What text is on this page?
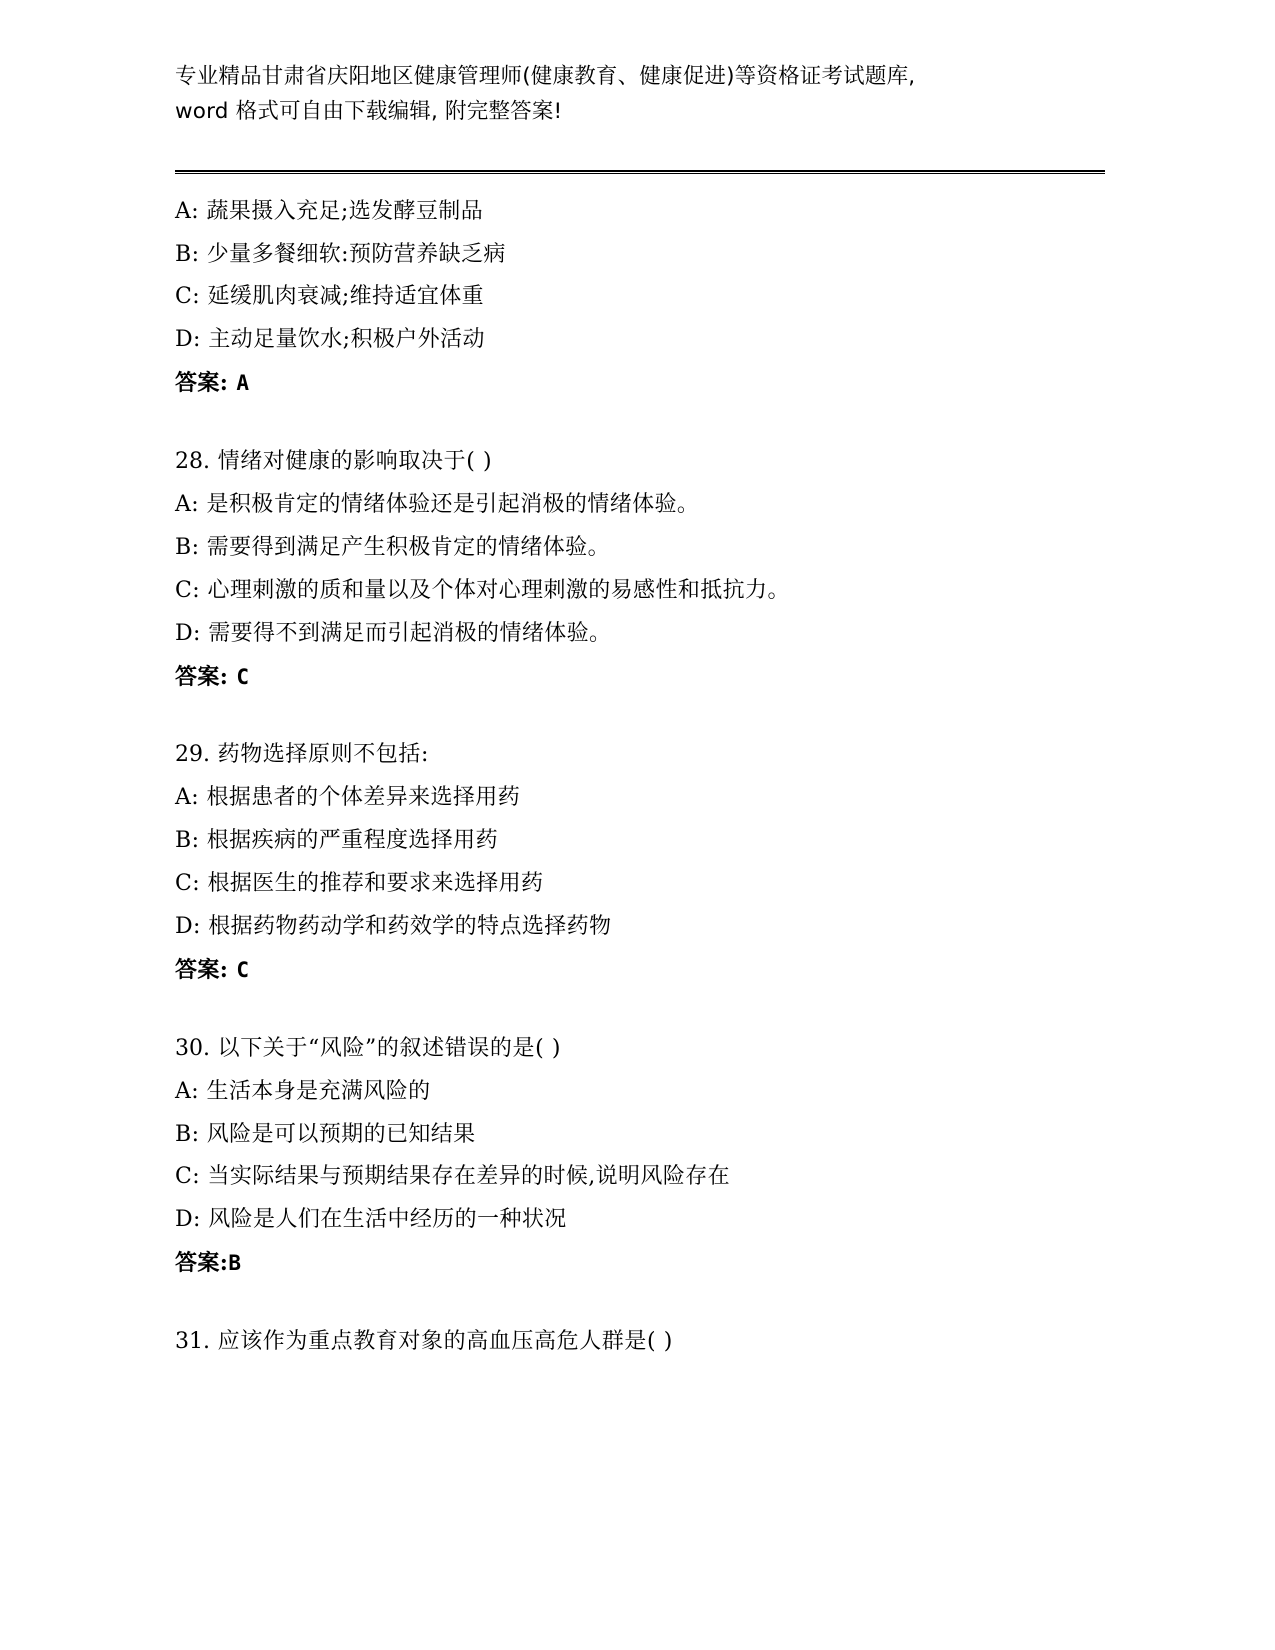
专业精品甘肃省庆阳地区健康管理师(健康教育、健康促进)等资格证考试题库,
word 格式可自由下载编辑, 附完整答案!
A: 蔬果摄入充足;选发酵豆制品
B: 少量多餐细软:预防营养缺乏病
C: 延缓肌肉衰减;维持适宜体重
D: 主动足量饮水;积极户外活动
答案: A
28. 情绪对健康的影响取决于( )
A: 是积极肯定的情绪体验还是引起消极的情绪体验。
B: 需要得到满足产生积极肯定的情绪体验。
C: 心理刺激的质和量以及个体对心理刺激的易感性和抵抗力。
D: 需要得不到满足而引起消极的情绪体验。
答案: C
29. 药物选择原则不包括:
A: 根据患者的个体差异来选择用药
B: 根据疾病的严重程度选择用药
C: 根据医生的推荐和要求来选择用药
D: 根据药物药动学和药效学的特点选择药物
答案: C
30. 以下关于“风险”的叙述错误的是( )
A: 生活本身是充满风险的
B: 风险是可以预期的已知结果
C: 当实际结果与预期结果存在差异的时候,说明风险存在
D: 风险是人们在生活中经历的一种状况
答案:B
31. 应该作为重点教育对象的高血压高危人群是( )
